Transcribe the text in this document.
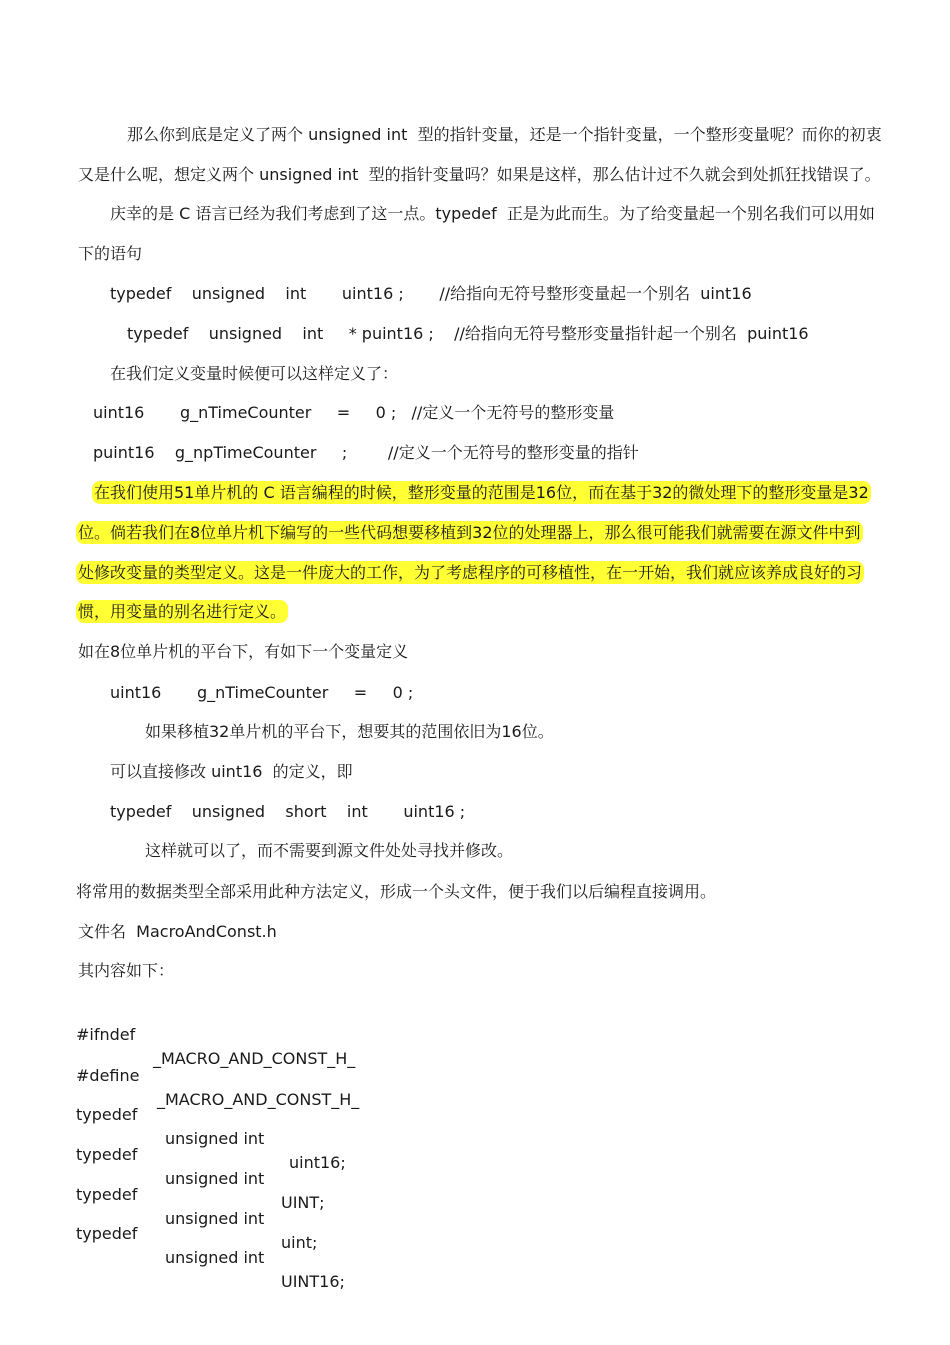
那么你到底是定义了两个 unsigned int  型的指针变量，还是一个指针变量，一个整形变量呢？而你的初衷
又是什么呢，想定义两个 unsigned int  型的指针变量吗？如果是这样，那么估计过不久就会到处抓狂找错误了。
庆幸的是 C 语言已经为我们考虑到了这一点。typedef  正是为此而生。为了给变量起一个别名我们可以用如
下的语句
typedef    unsigned    int       uint16 ;       //给指向无符号整形变量起一个别名  uint16
typedef    unsigned    int     * puint16 ;    //给指向无符号整形变量指针起一个别名  puint16
在我们定义变量时候便可以这样定义了：
uint16       g_nTimeCounter     =     0 ;   //定义一个无符号的整形变量
puint16    g_npTimeCounter     ;        //定义一个无符号的整形变量的指针
在我们使用51单片机的 C 语言编程的时候，整形变量的范围是16位，而在基于32的微处理下的整形变量是32
位。倘若我们在8位单片机下编写的一些代码想要移植到32位的处理器上，那么很可能我们就需要在源文件中到
处修改变量的类型定义。这是一件庞大的工作，为了考虑程序的可移植性，在一开始，我们就应该养成良好的习
惯，用变量的别名进行定义。
如在8位单片机的平台下，有如下一个变量定义
uint16       g_nTimeCounter     =     0 ;
如果移植32单片机的平台下，想要其的范围依旧为16位。
可以直接修改 uint16  的定义，即
typedef    unsigned    short    int       uint16 ;
这样就可以了，而不需要到源文件处处寻找并修改。
将常用的数据类型全部采用此种方法定义，形成一个头文件，便于我们以后编程直接调用。
文件名  MacroAndConst.h
其内容如下：

#ifndef

_MACRO_AND_CONST_H_

#define

_MACRO_AND_CONST_H_

typedef

unsigned int

uint16;

typedef

unsigned int

UINT;

typedef

unsigned int

uint;

typedef

unsigned int

UINT16;
